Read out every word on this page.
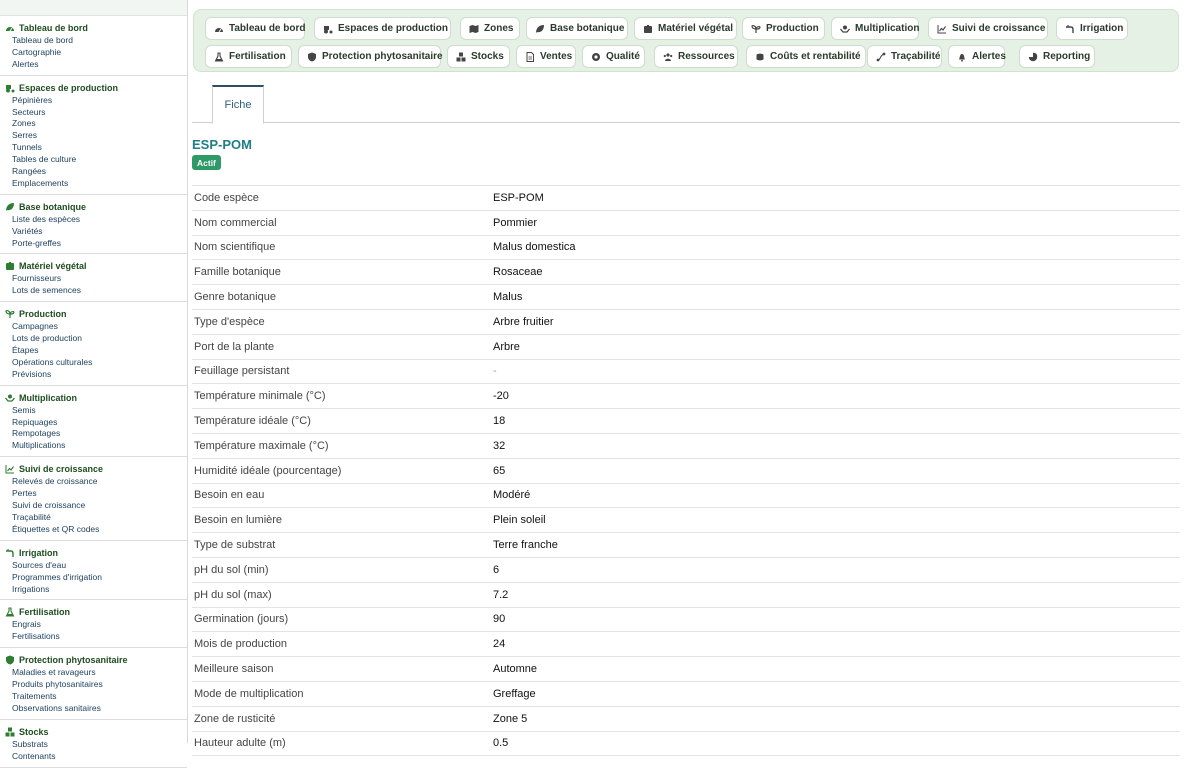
Tableau de bord
Tableau de bord
Cartographie
Alertes
Espaces de production
Pépinières
Secteurs
Zones
Serres
Tunnels
Tables de culture
Rangées
Emplacements
Base botanique
Liste des espèces
Variétés
Porte-greffes
Matériel végétal
Fournisseurs
Lots de semences
Production
Campagnes
Lots de production
Étapes
Opérations culturales
Prévisions
Multiplication
Semis
Repiquages
Rempotages
Multiplications
Suivi de croissance
Relevés de croissance
Pertes
Suivi de croissance
Traçabilité
Étiquettes et QR codes
Irrigation
Sources d'eau
Programmes d'irrigation
Irrigations
Fertilisation
Engrais
Fertilisations
Protection phytosanitaire
Maladies et ravageurs
Produits phytosanitaires
Traitements
Observations sanitaires
Stocks
Substrats
Contenants
Tableau de bord	Espaces de production	Zones	Base botanique	Matériel végétal	Production	Multiplication	Suivi de croissance	Irrigation
Fertilisation	Protection phytosanitaire	Stocks	Ventes	Qualité	Ressources	Coûts et rentabilité	Traçabilité	Alertes	Reporting
Fiche
ESP-POM
Actif
Code espèce	ESP-POM
Nom commercial	Pommier
Nom scientifique	Malus domestica
Famille botanique	Rosaceae
Genre botanique	Malus
Type d'espèce	Arbre fruitier
Port de la plante	Arbre
Feuillage persistant	-
Température minimale (°C)	-20
Température idéale (°C)	18
Température maximale (°C)	32
Humidité idéale (pourcentage)	65
Besoin en eau	Modéré
Besoin en lumière	Plein soleil
Type de substrat	Terre franche
pH du sol (min)	6
pH du sol (max)	7.2
Germination (jours)	90
Mois de production	24
Meilleure saison	Automne
Mode de multiplication	Greffage
Zone de rusticité	Zone 5
Hauteur adulte (m)	0.5
